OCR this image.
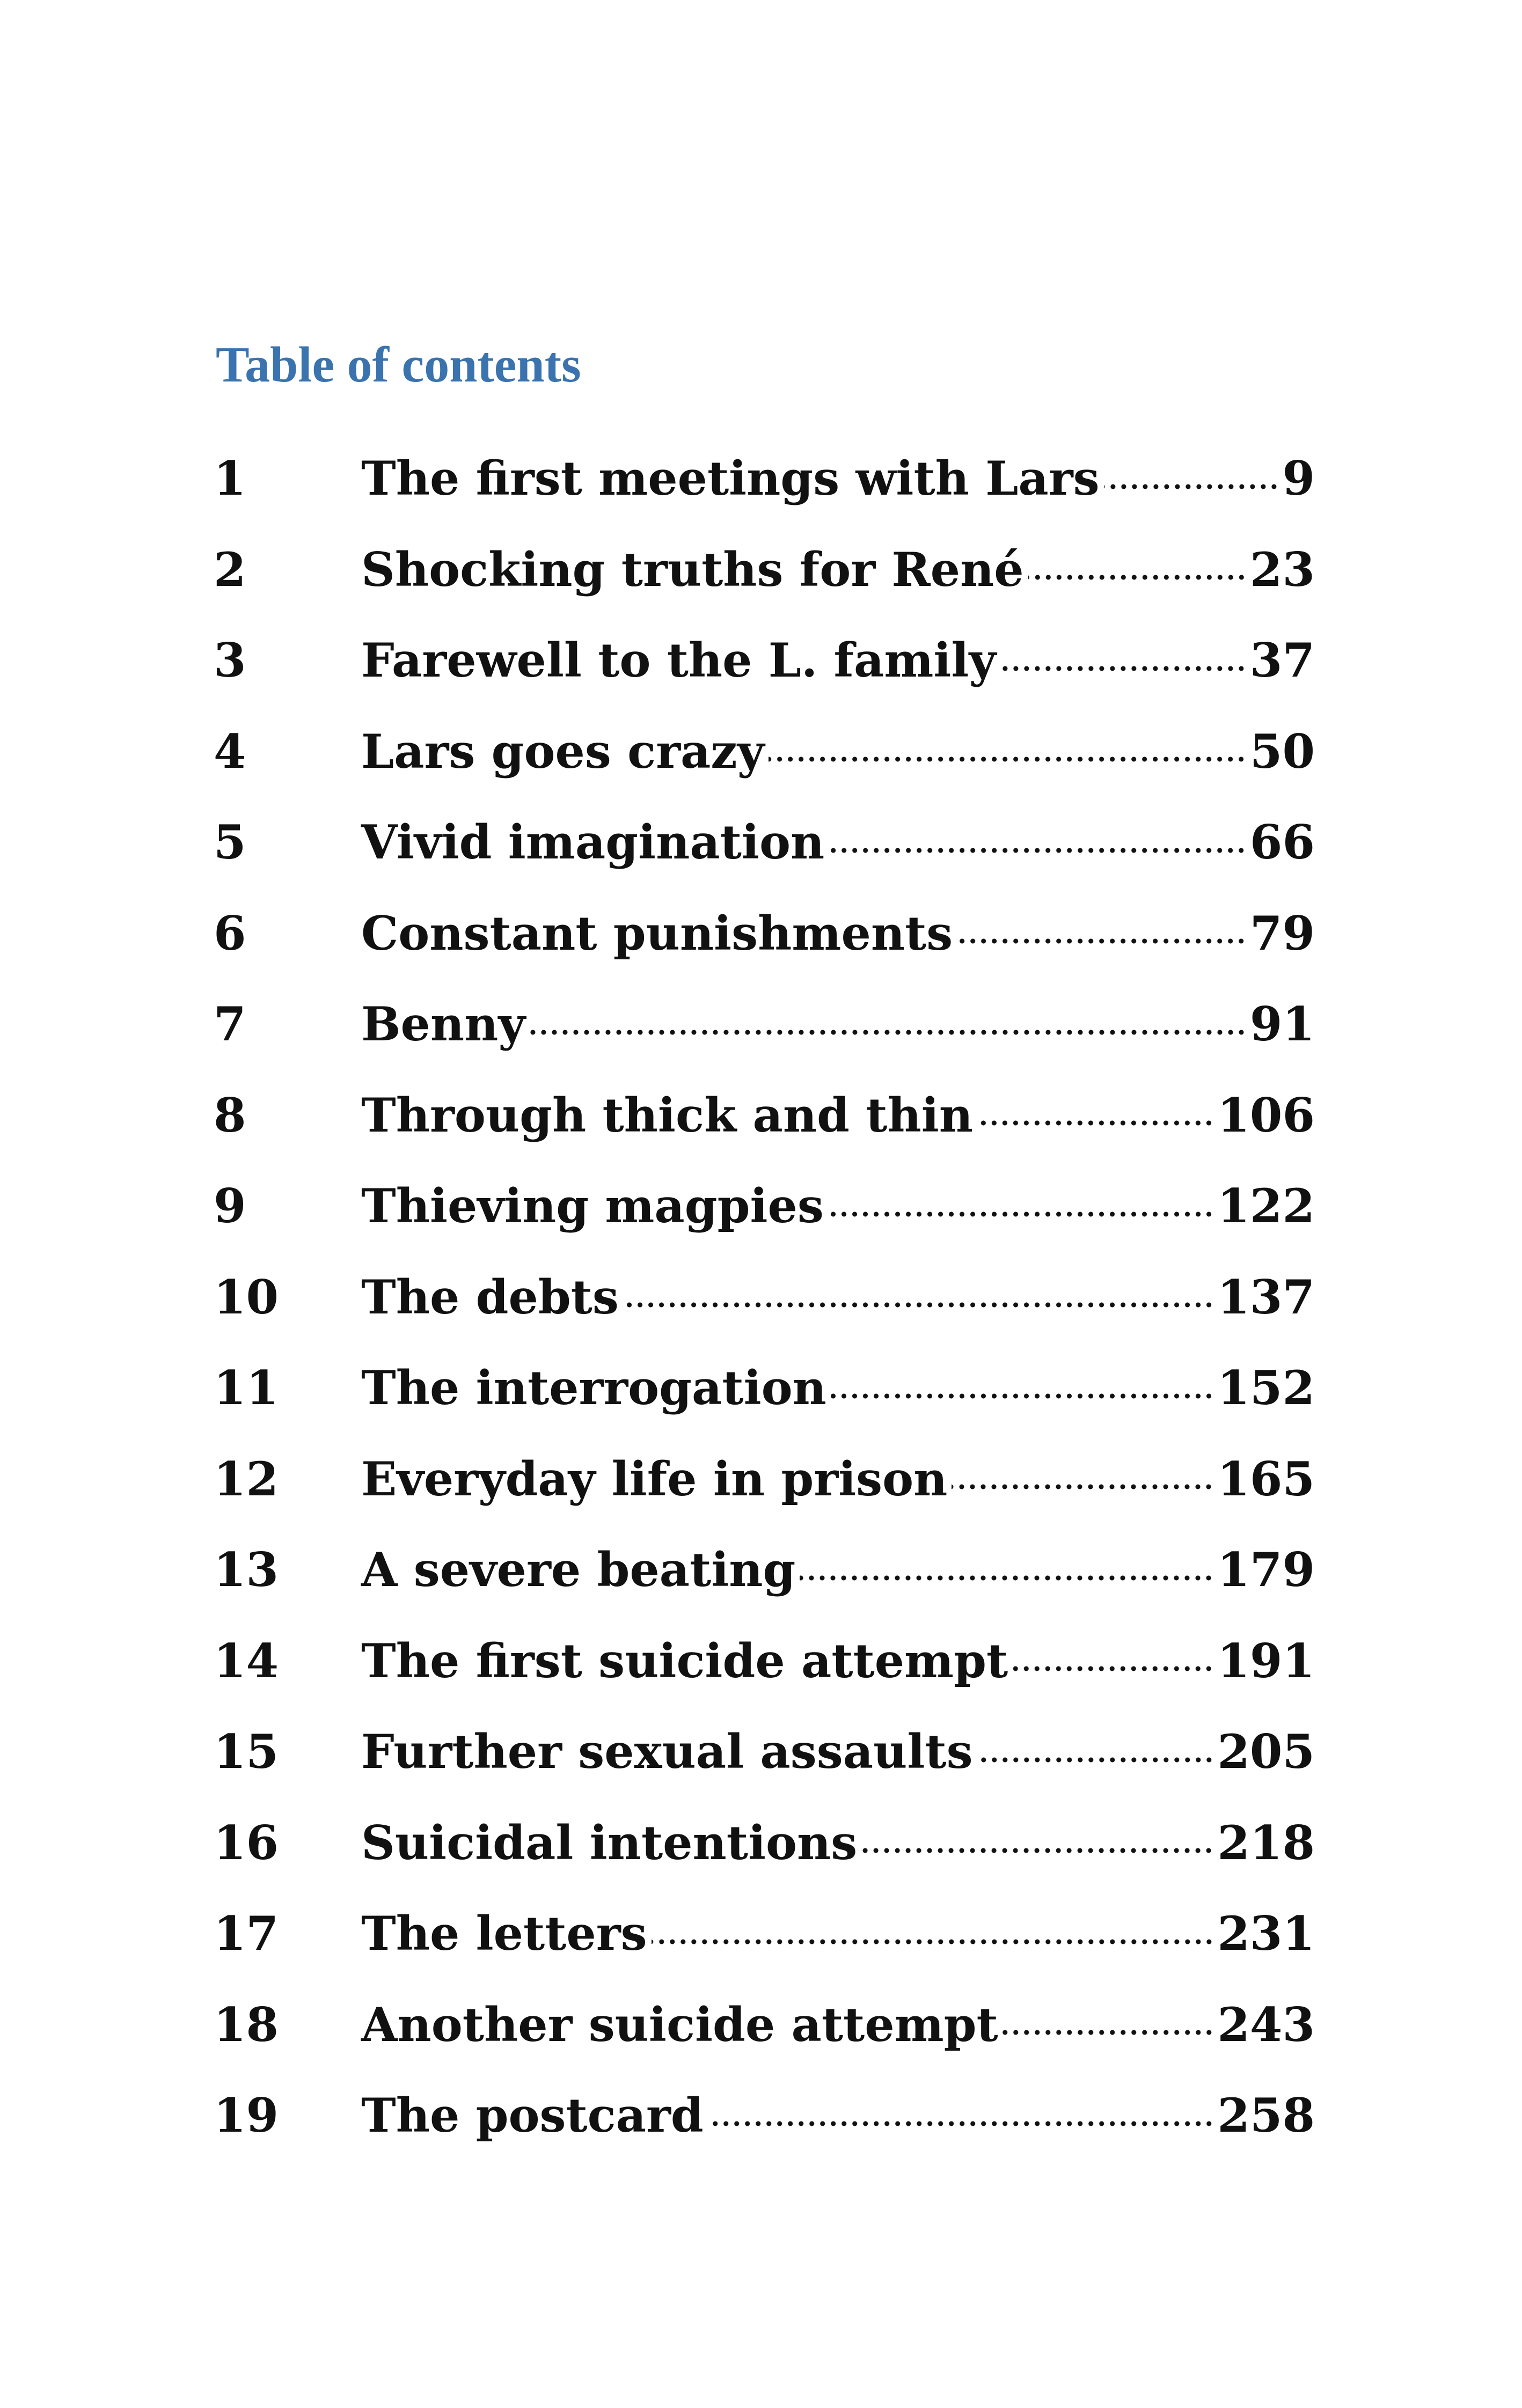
Table of contents
1	The first meetings with Lars	9
2	Shocking truths for René	23
3	Farewell to the L. family	37
4	Lars goes crazy	50
5	Vivid imagination	66
6	Constant punishments	79
7	Benny	91
8	Through thick and thin	106
9	Thieving magpies	122
10	The debts	137
11	The interrogation	152
12	Everyday life in prison	165
13	A severe beating	179
14	The first suicide attempt	191
15	Further sexual assaults	205
16	Suicidal intentions	218
17	The letters	231
18	Another suicide attempt	243
19	The postcard	258
